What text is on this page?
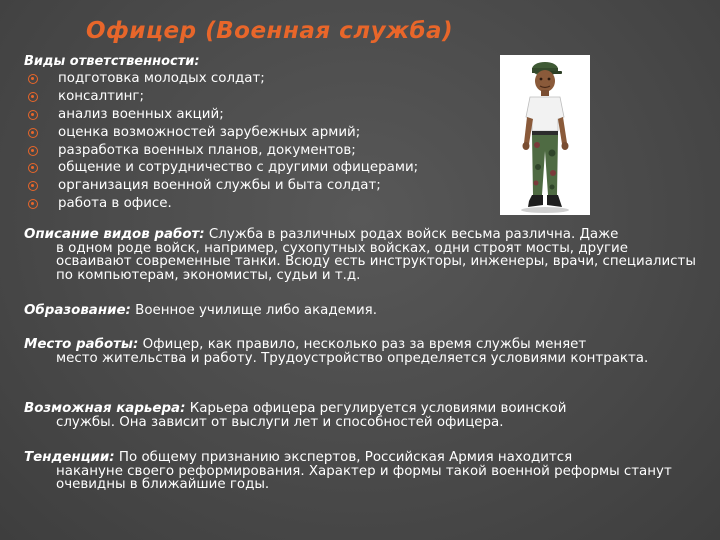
Офицер (Военная служба)
Виды ответственности:
подготовка молодых солдат;
консалтинг;
анализ военных акций;
оценка возможностей зарубежных армий;
разработка военных планов, документов;
общение и сотрудничество с другими офицерами;
организация военной службы и быта солдат;
работа в офисе.
Описание видов работ: Служба в различных родах войск весьма различна. Даже
в одном роде войск, например, сухопутных войсках, одни строят мосты, другие осваивают современные танки. Всюду есть инструкторы, инженеры, врачи, специалисты по компьютерам, экономисты, судьи и т.д.
Образование: Военное училище либо академия.
Место работы: Офицер, как правило, несколько раз за время службы меняет
место жительства и работу. Трудоустройство определяется условиями контракта.
Возможная карьера: Карьера офицера регулируется условиями воинской
службы. Она зависит от выслуги лет и способностей офицера.
Тенденции: По общему признанию экспертов, Российская Армия находится
накануне своего реформирования. Характер и формы такой военной реформы станут очевидны в ближайшие годы.
